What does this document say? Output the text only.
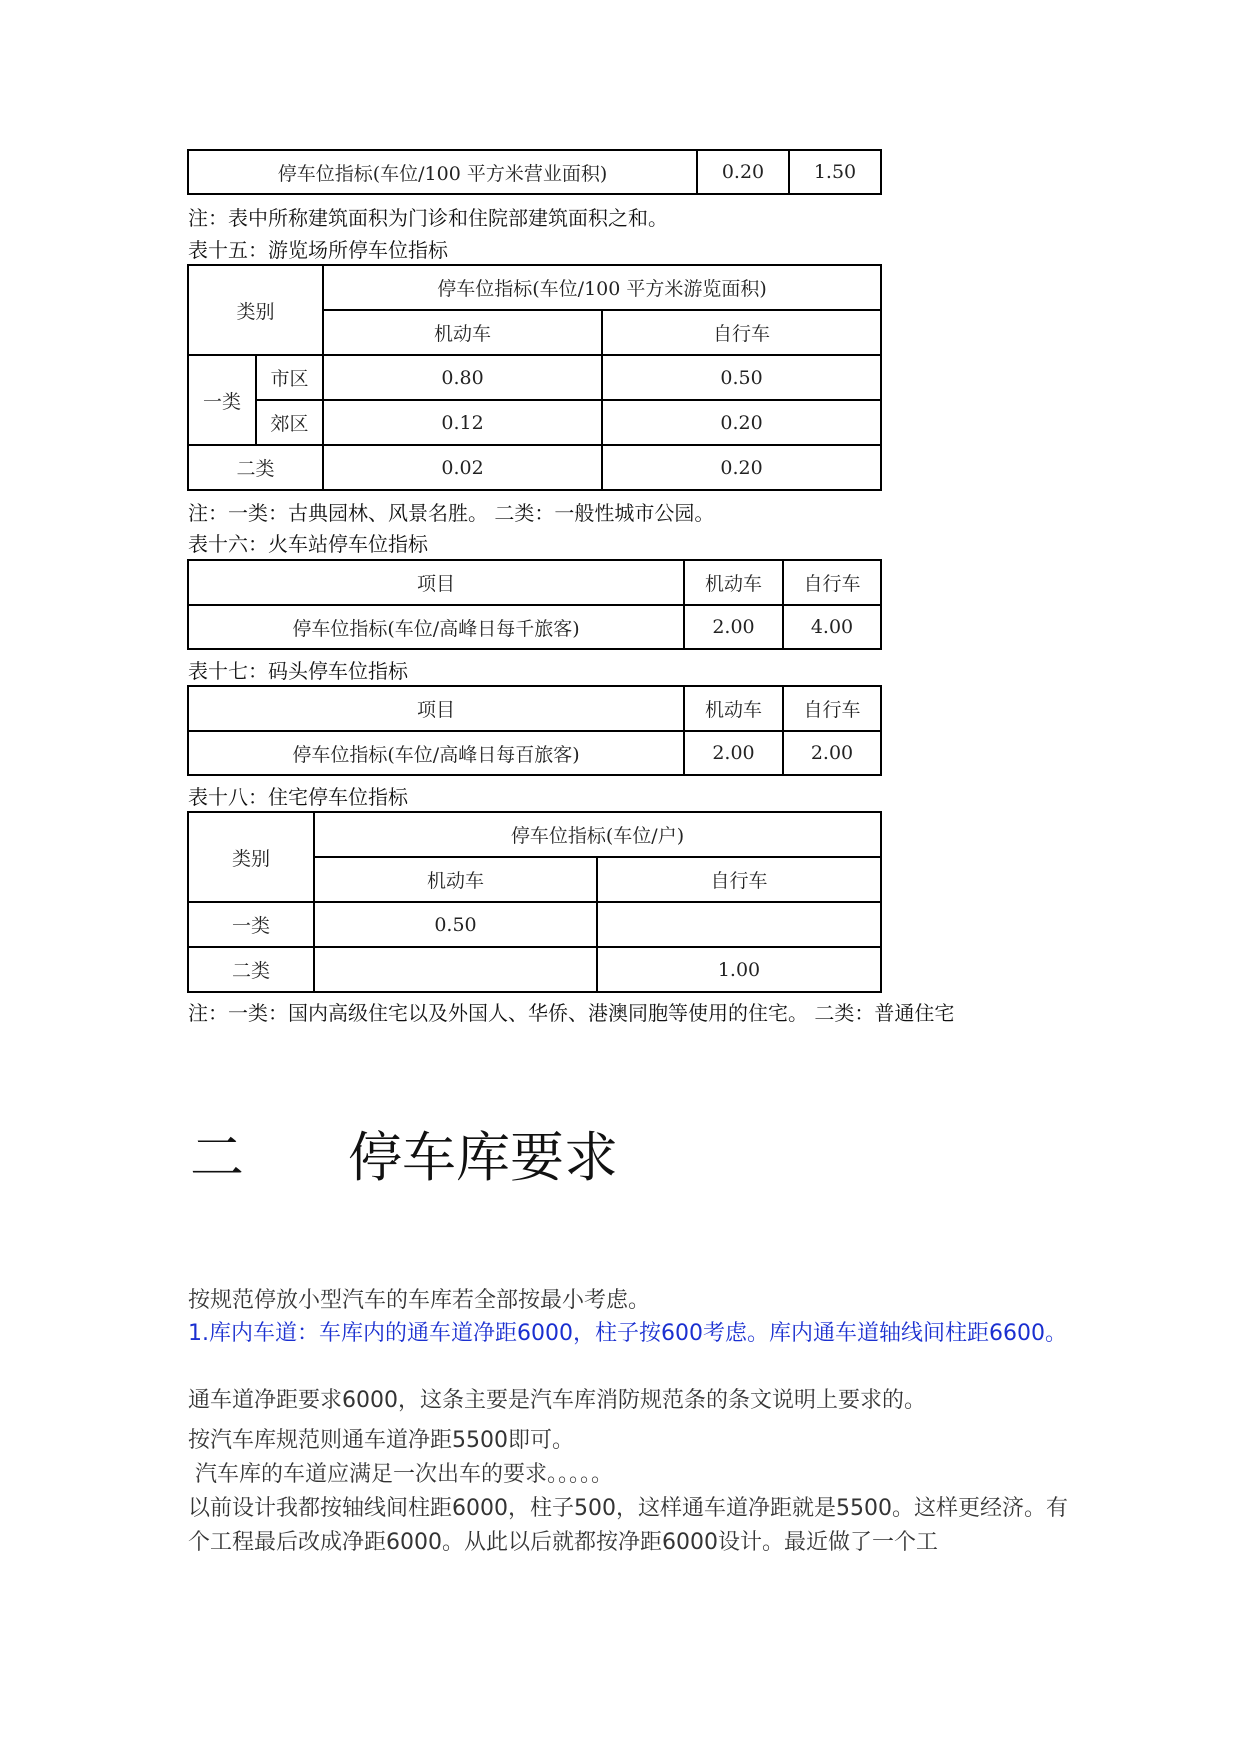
停车位指标(车位/100 平方米营业面积)	0.20	1.50
注：表中所称建筑面积为门诊和住院部建筑面积之和。
表十五：游览场所停车位指标
类别		停车位指标(车位/100 平方米游览面积)	
		机动车	自行车
一类	市区	0.80	0.50
	郊区	0.12	0.20
二类		0.02	0.20
注：一类：古典园林、风景名胜。 二类：一般性城市公园。
表十六：火车站停车位指标
项目	机动车	自行车
停车位指标(车位/高峰日每千旅客)	2.00	4.00
表十七：码头停车位指标
项目	机动车	自行车
停车位指标(车位/高峰日每百旅客)	2.00	2.00
表十八：住宅停车位指标
类别	停车位指标(车位/户)	
	机动车	自行车
一类	0.50	
二类		1.00
注：一类：国内高级住宅以及外国人、华侨、港澳同胞等使用的住宅。 二类：普通住宅
二 停车库要求
按规范停放小型汽车的车库若全部按最小考虑。
1.库内车道：车库内的通车道净距6000，柱子按600考虑。库内通车道轴线间柱距6600。
通车道净距要求6000，这条主要是汽车库消防规范条的条文说明上要求的。
按汽车库规范则通车道净距5500即可。
汽车库的车道应满足一次出车的要求。。。。。
以前设计我都按轴线间柱距6000，柱子500，这样通车道净距就是5500。这样更经济。有个工程最后改成净距6000。从此以后就都按净距6000设计。最近做了一个工
